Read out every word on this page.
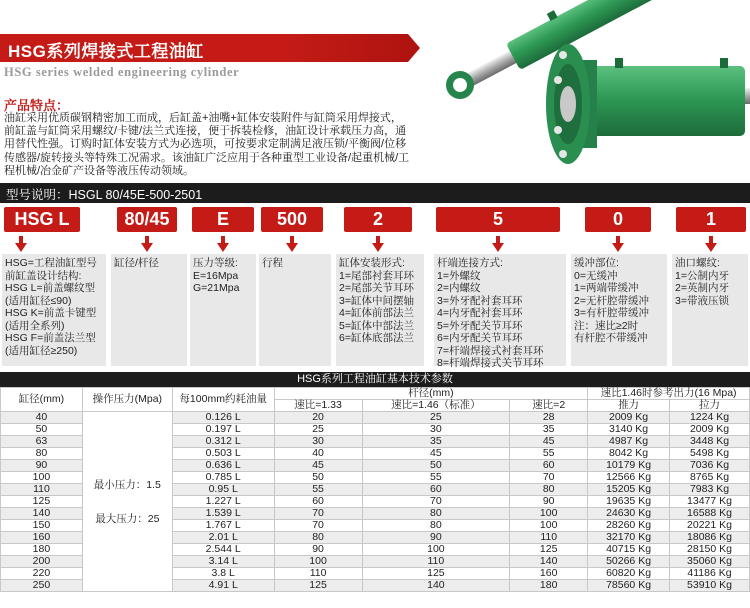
HSG系列焊接式工程油缸
HSG series welded engineering cylinder
产品特点：
油缸采用优质碳钢精密加工而成，后缸盖+油嘴+缸体安装附件与缸筒采用焊接式，前缸盖与缸筒采用螺纹/卡键/法兰式连接，便于拆装检修，油缸设计承载压力高，通用替代性强。订购时缸体安装方式为必选项，可按要求定制满足液压锁/平衡阀/位移传感器/旋转接头等特殊工况需求。该油缸广泛应用于各种重型工业设备/起重机械/工程机械/冶金矿产设备等液压传动领域。
型号说明：HSGL 80/45E-500-2501
HSG L	80/45	E	500	2	5	0	1
HSG=工程油缸型号
前缸盖设计结构:
HSG L=前盖螺纹型
(适用缸径≤90)
HSG K=前盖卡键型
(适用全系列)
HSG F=前盖法兰型
(适用缸径≥250)
缸径/杆径	压力等级:
E=16Mpa
G=21Mpa
行程	缸体安装形式:
1=尾部衬套耳环
2=尾部关节耳环
3=缸体中间摆轴
4=缸体前部法兰
5=缸体中部法兰
6=缸体底部法兰
杆端连接方式:
1=外螺纹
2=内螺纹
3=外牙配衬套耳环
4=内牙配衬套耳环
5=外牙配关节耳环
6=内牙配关节耳环
7=杆端焊接式衬套耳环
8=杆端焊接式关节耳环
缓冲部位:
0=无缓冲
1=两端带缓冲
2=无杆腔带缓冲
3=有杆腔带缓冲
注：速比≥2时
有杆腔不带缓冲
油口螺纹:
1=公制内牙
2=英制内牙
3=带液压锁
HSG系列工程油缸基本技术参数
缸径(mm)	操作压力(Mpa)	每100mm约耗油量	杆径(mm)			速比1.46时参考出力(16 Mpa)	
			速比=1.33	速比=1.46（标准）	速比=2	推力	拉力
40	最小压力：1.5
最大压力：25	0.126 L	20	25	28	2009 Kg	1224 Kg
50		0.197 L	25	30	35	3140 Kg	2009 Kg
63		0.312 L	30	35	45	4987 Kg	3448 Kg
80		0.503 L	40	45	55	8042 Kg	5498 Kg
90		0.636 L	45	50	60	10179 Kg	7036 Kg
100		0.785 L	50	55	70	12566 Kg	8765 Kg
110		0.95 L	55	60	80	15205 Kg	7983 Kg
125		1.227 L	60	70	90	19635 Kg	13477 Kg
140		1.539 L	70	80	100	24630 Kg	16588 Kg
150		1.767 L	70	80	100	28260 Kg	20221 Kg
160		2.01 L	80	90	110	32170 Kg	18086 Kg
180		2.544 L	90	100	125	40715 Kg	28150 Kg
200		3.14 L	100	110	140	50266 Kg	35060 Kg
220		3.8 L	110	125	160	60820 Kg	41186 Kg
250		4.91 L	125	140	180	78560 Kg	53910 Kg
